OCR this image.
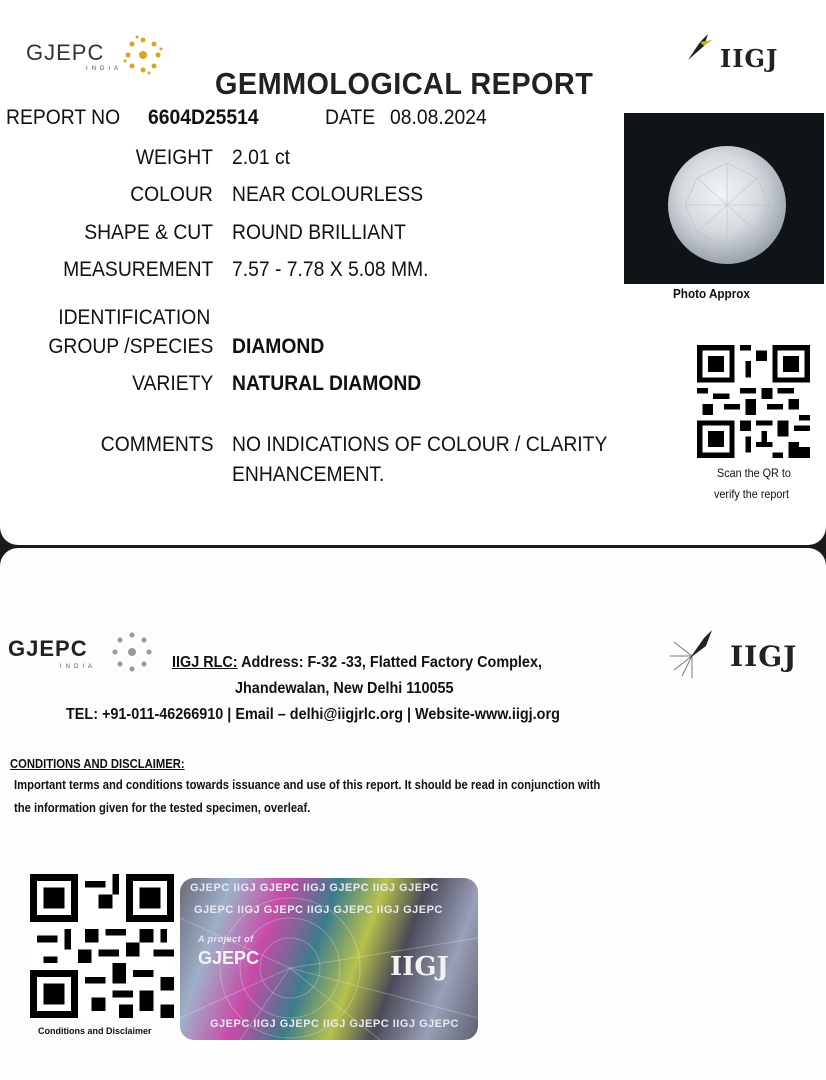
GJEPC
INDIA	IIGJ
GEMMOLOGICAL REPORT
REPORT NO 6604D25514	DATE 08.08.2024
WEIGHT 2.01 ct
COLOUR NEAR COLOURLESS
SHAPE & CUT ROUND BRILLIANT
MEASUREMENT 7.57 - 7.78 X 5.08 MM.
IDENTIFICATION
GROUP /SPECIES DIAMOND
VARIETY NATURAL DIAMOND
COMMENTS NO INDICATIONS OF COLOUR / CLARITY
ENHANCEMENT.
Photo Approx
Scan the QR to
verify the report
GJEPC
INDIA	IIGJ
IIGJ RLC: Address: F-32 -33, Flatted Factory Complex,
Jhandewalan, New Delhi 110055
TEL: +91-011-46266910 | Email – delhi@iigjrlc.org | Website-www.iigj.org
CONDITIONS AND DISCLAIMER:
Important terms and conditions towards issuance and use of this report. It should be read in conjunction with
the information given for the tested specimen, overleaf.
Conditions and Disclaimer
GJEPC IIGJ GJEPC IIGJ GJEPC IIGJ GJEPC
GJEPC IIGJ GJEPC IIGJ GJEPC IIGJ GJEPC
A project of
GJEPC	IIGJ
GJEPC IIGJ GJEPC IIGJ GJEPC IIGJ GJEPC
